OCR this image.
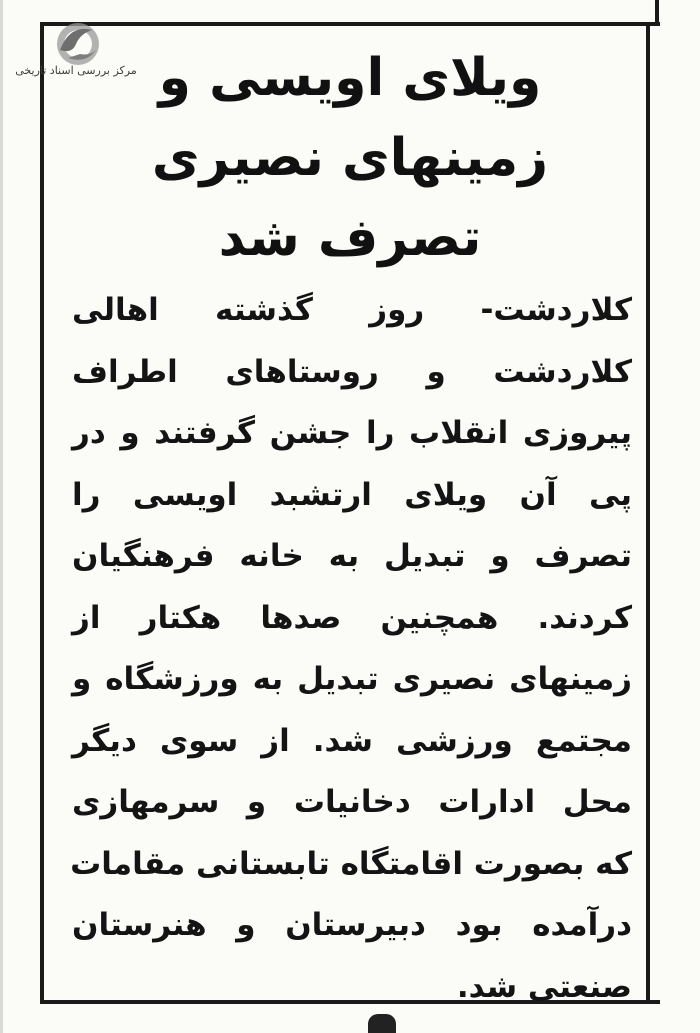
مرکز بررسی اسناد تاریخی ویلای اویسی و
زمینهای نصیری
تصرف شد
کلاردشت- روز گذشته اهالی
کلاردشت و روستاهای اطراف
پیروزی انقلاب را جشن گرفتند و در
پی آن ویلای ارتشبد اویسی را
تصرف و تبدیل به خانه فرهنگیان
کردند. همچنین صدها هکتار از
زمینهای نصیری تبدیل به ورزشگاه و
مجتمع ورزشی شد. از سوی دیگر
محل ادارات دخانیات و سرمهازی
که بصورت اقامتگاه تابستانی مقامات
درآمده بود دبیرستان و هنرستان
صنعتی شد.
